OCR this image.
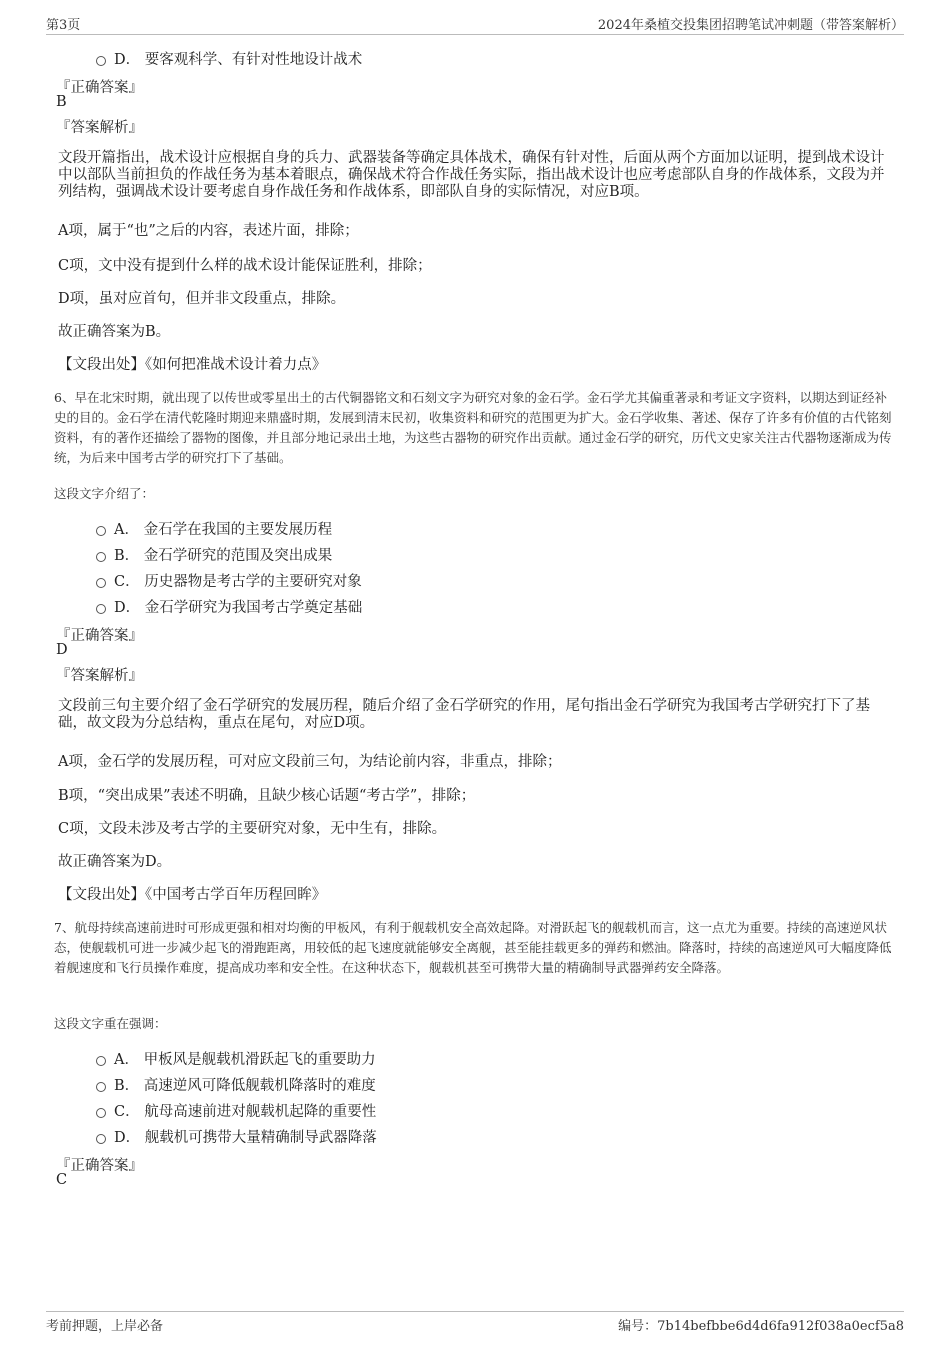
第3页	2024年桑植交投集团招聘笔试冲刺题（带答案解析）
D． 要客观科学、有针对性地设计战术
『正确答案』
B
『答案解析』
文段开篇指出，战术设计应根据自身的兵力、武器装备等确定具体战术，确保有针对性，后面从两个方面加以证明，提到战术设计中以部队当前担负的作战任务为基本着眼点，确保战术符合作战任务实际，指出战术设计也应考虑部队自身的作战体系，文段为并列结构，强调战术设计要考虑自身作战任务和作战体系，即部队自身的实际情况，对应B项。
A项，属于“也”之后的内容，表述片面，排除；
C项，文中没有提到什么样的战术设计能保证胜利，排除；
D项，虽对应首句，但并非文段重点，排除。
故正确答案为B。
【文段出处】《如何把准战术设计着力点》
6、早在北宋时期，就出现了以传世或零星出土的古代铜器铭文和石刻文字为研究对象的金石学。金石学尤其偏重著录和考证文字资料，以期达到证经补史的目的。金石学在清代乾隆时期迎来鼎盛时期，发展到清末民初，收集资料和研究的范围更为扩大。金石学收集、著述、保存了许多有价值的古代铭刻资料，有的著作还描绘了器物的图像，并且部分地记录出土地，为这些古器物的研究作出贡献。通过金石学的研究，历代文史家关注古代器物逐渐成为传统，为后来中国考古学的研究打下了基础。
这段文字介绍了：
A． 金石学在我国的主要发展历程
B． 金石学研究的范围及突出成果
C． 历史器物是考古学的主要研究对象
D． 金石学研究为我国考古学奠定基础
『正确答案』
D
『答案解析』
文段前三句主要介绍了金石学研究的发展历程，随后介绍了金石学研究的作用，尾句指出金石学研究为我国考古学研究打下了基础，故文段为分总结构，重点在尾句，对应D项。
A项，金石学的发展历程，可对应文段前三句，为结论前内容，非重点，排除；
B项，“突出成果”表述不明确，且缺少核心话题“考古学”，排除；
C项，文段未涉及考古学的主要研究对象，无中生有，排除。
故正确答案为D。
【文段出处】《中国考古学百年历程回眸》
7、航母持续高速前进时可形成更强和相对均衡的甲板风，有利于舰载机安全高效起降。对滑跃起飞的舰载机而言，这一点尤为重要。持续的高速逆风状态，使舰载机可进一步减少起飞的滑跑距离，用较低的起飞速度就能够安全离舰，甚至能挂载更多的弹药和燃油。降落时，持续的高速逆风可大幅度降低着舰速度和飞行员操作难度，提高成功率和安全性。在这种状态下，舰载机甚至可携带大量的精确制导武器弹药安全降落。
这段文字重在强调：
A． 甲板风是舰载机滑跃起飞的重要助力
B． 高速逆风可降低舰载机降落时的难度
C． 航母高速前进对舰载机起降的重要性
D． 舰载机可携带大量精确制导武器降落
『正确答案』
C
考前押题，上岸必备	编号：7b14befbbe6d4d6fa912f038a0ecf5a8
